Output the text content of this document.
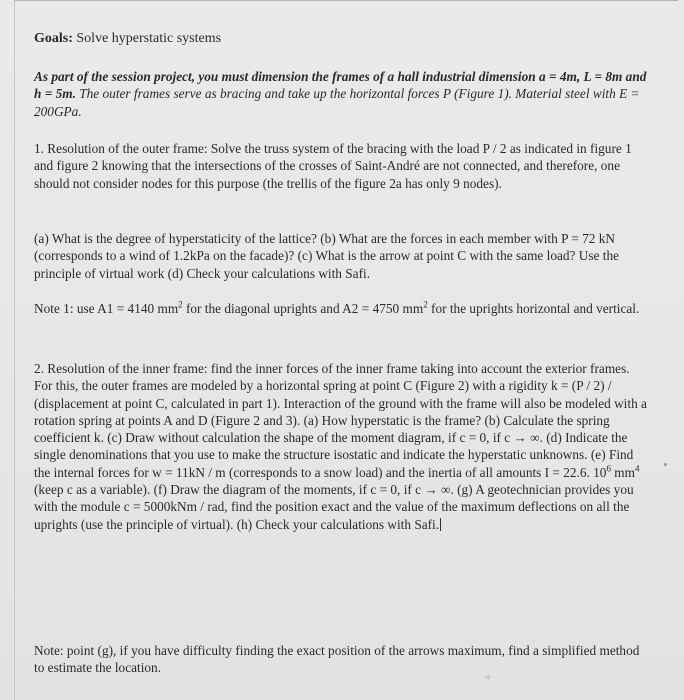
Goals: Solve hyperstatic systems

As part of the session project, you must dimension the frames of a hall industrial dimension a = 4m, L = 8m and h = 5m. The outer frames serve as bracing and take up the horizontal forces P (Figure 1). Material steel with E = 200GPa.

1. Resolution of the outer frame: Solve the truss system of the bracing with the load P / 2 as indicated in figure 1 and figure 2 knowing that the intersections of the crosses of Saint-André are not connected, and therefore, one should not consider nodes for this purpose (the trellis of the figure 2a has only 9 nodes).

(a) What is the degree of hyperstaticity of the lattice? (b) What are the forces in each member with P = 72 kN (corresponds to a wind of 1.2kPa on the facade)? (c) What is the arrow at point C with the same load? Use the principle of virtual work (d) Check your calculations with Safi.

Note 1: use A1 = 4140 $mm^2$ for the diagonal uprights and A2 = 4750 $mm^2$ for the uprights horizontal and vertical.

2. Resolution of the inner frame: find the inner forces of the inner frame taking into account the exterior frames. For this, the outer frames are modeled by a horizontal spring at point C (Figure 2) with a rigidity k = (P / 2) / (displacement at point C, calculated in part 1). Interaction of the ground with the frame will also be modeled with a rotation spring at points A and D (Figure 2 and 3). (a) How hyperstatic is the frame? (b) Calculate the spring coefficient k. (c) Draw without calculation the shape of the moment diagram, if c = 0, if c → ∞. (d) Indicate the single denominations that you use to make the structure isostatic and indicate the hyperstatic unknowns. (e) Find the internal forces for w = 11kN / m (corresponds to a snow load) and the inertia of all amounts I = 22.6. $10^6$ $mm^4$ (keep c as a variable). (f) Draw the diagram of the moments, if c = 0, if c → ∞. (g) A geotechnician provides you with the module c = 5000kNm / rad, find the position exact and the value of the maximum deflections on all the uprights (use the principle of virtual). (h) Check your calculations with Safi.

Note: point (g), if you have difficulty finding the exact position of the arrows maximum, find a simplified method to estimate the location.

+
